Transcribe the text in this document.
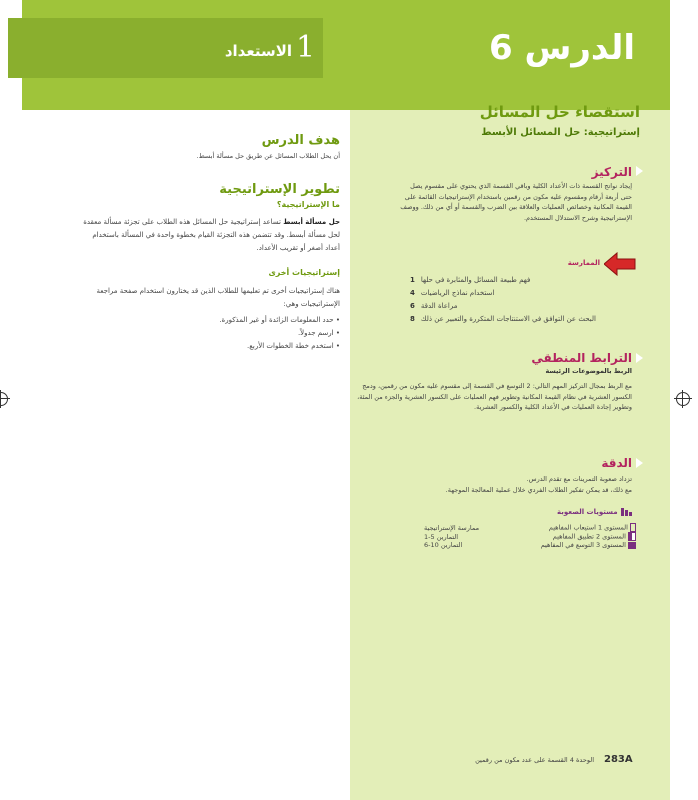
الدرس 6
1
الاستعداد
استقصاء حل المسائل
إستراتيجية: حل المسائل الأبسط
التركيز
إيجاد نواتج القسمة ذات الأعداد الكلية وباقي القسمة الذي يحتوي على مقسوم يصل
حتى أربعة أرقام ومقسوم عليه مكون من رقمين باستخدام الإستراتيجيات القائمة على
القيمة المكانية وخصائص العمليات والعلاقة بين الضرب والقسمة أو أي من ذلك. ووصف
الإستراتيجية وشرح الاستدلال المستخدم.
الممارسة
1 فهم طبيعة المسائل والمثابرة في حلها
4 استخدام نماذج الرياضيات
6 مراعاة الدقة
8 البحث عن التوافق في الاستنتاجات المتكررة والتعبير عن ذلك
الترابط المنطقي
الربط بالموضوعات الرئيسة
مع الربط بمجال التركيز المهم التالي: 2 التوسع في القسمة إلى مقسوم عليه مكون من رقمين، ودمج
الكسور العشرية في نظام القيمة المكانية وتطوير فهم العمليات على الكسور العشرية والجزء من المئة،
وتطوير إجادة العمليات في الأعداد الكلية والكسور العشرية.
الدقة
تزداد صعوبة التمرينات مع تقدم الدرس.
مع ذلك، قد يمكن تفكير الطلاب الفردي خلال عملية المعالجة الموجهة.
مستويات الصعوبة
المستوى 1 استيعاب المفاهيم	ممارسة الإستراتيجية
المستوى 2 تطبيق المفاهيم	التمارين 5-1
المستوى 3 التوسع في المفاهيم	التمارين 10-6
هدف الدرس
أن يحل الطلاب المسائل عن طريق حل مسألة أبسط.
تطوير الإستراتيجية
ما الإستراتيجية؟
حل مسألة أبسط تساعد إستراتيجية حل المسائل هذه الطلاب على تجزئة مسألة معقدة
لحل مسألة أبسط. وقد تتضمن هذه التجزئة القيام بخطوة واحدة في المسألة باستخدام
أعداد أصغر أو تقريب الأعداد.
إستراتيجيات أخرى
هناك إستراتيجيات أخرى تم تعليمها للطلاب الذين قد يختارون استخدام صفحة مراجعة
الإستراتيجيات وهي:
• حدد المعلومات الزائدة أو غير المذكورة.
• ارسم جدولاً.
• استخدم خطة الخطوات الأربع.
283A
الوحدة 4 القسمة على عدد مكون من رقمين
